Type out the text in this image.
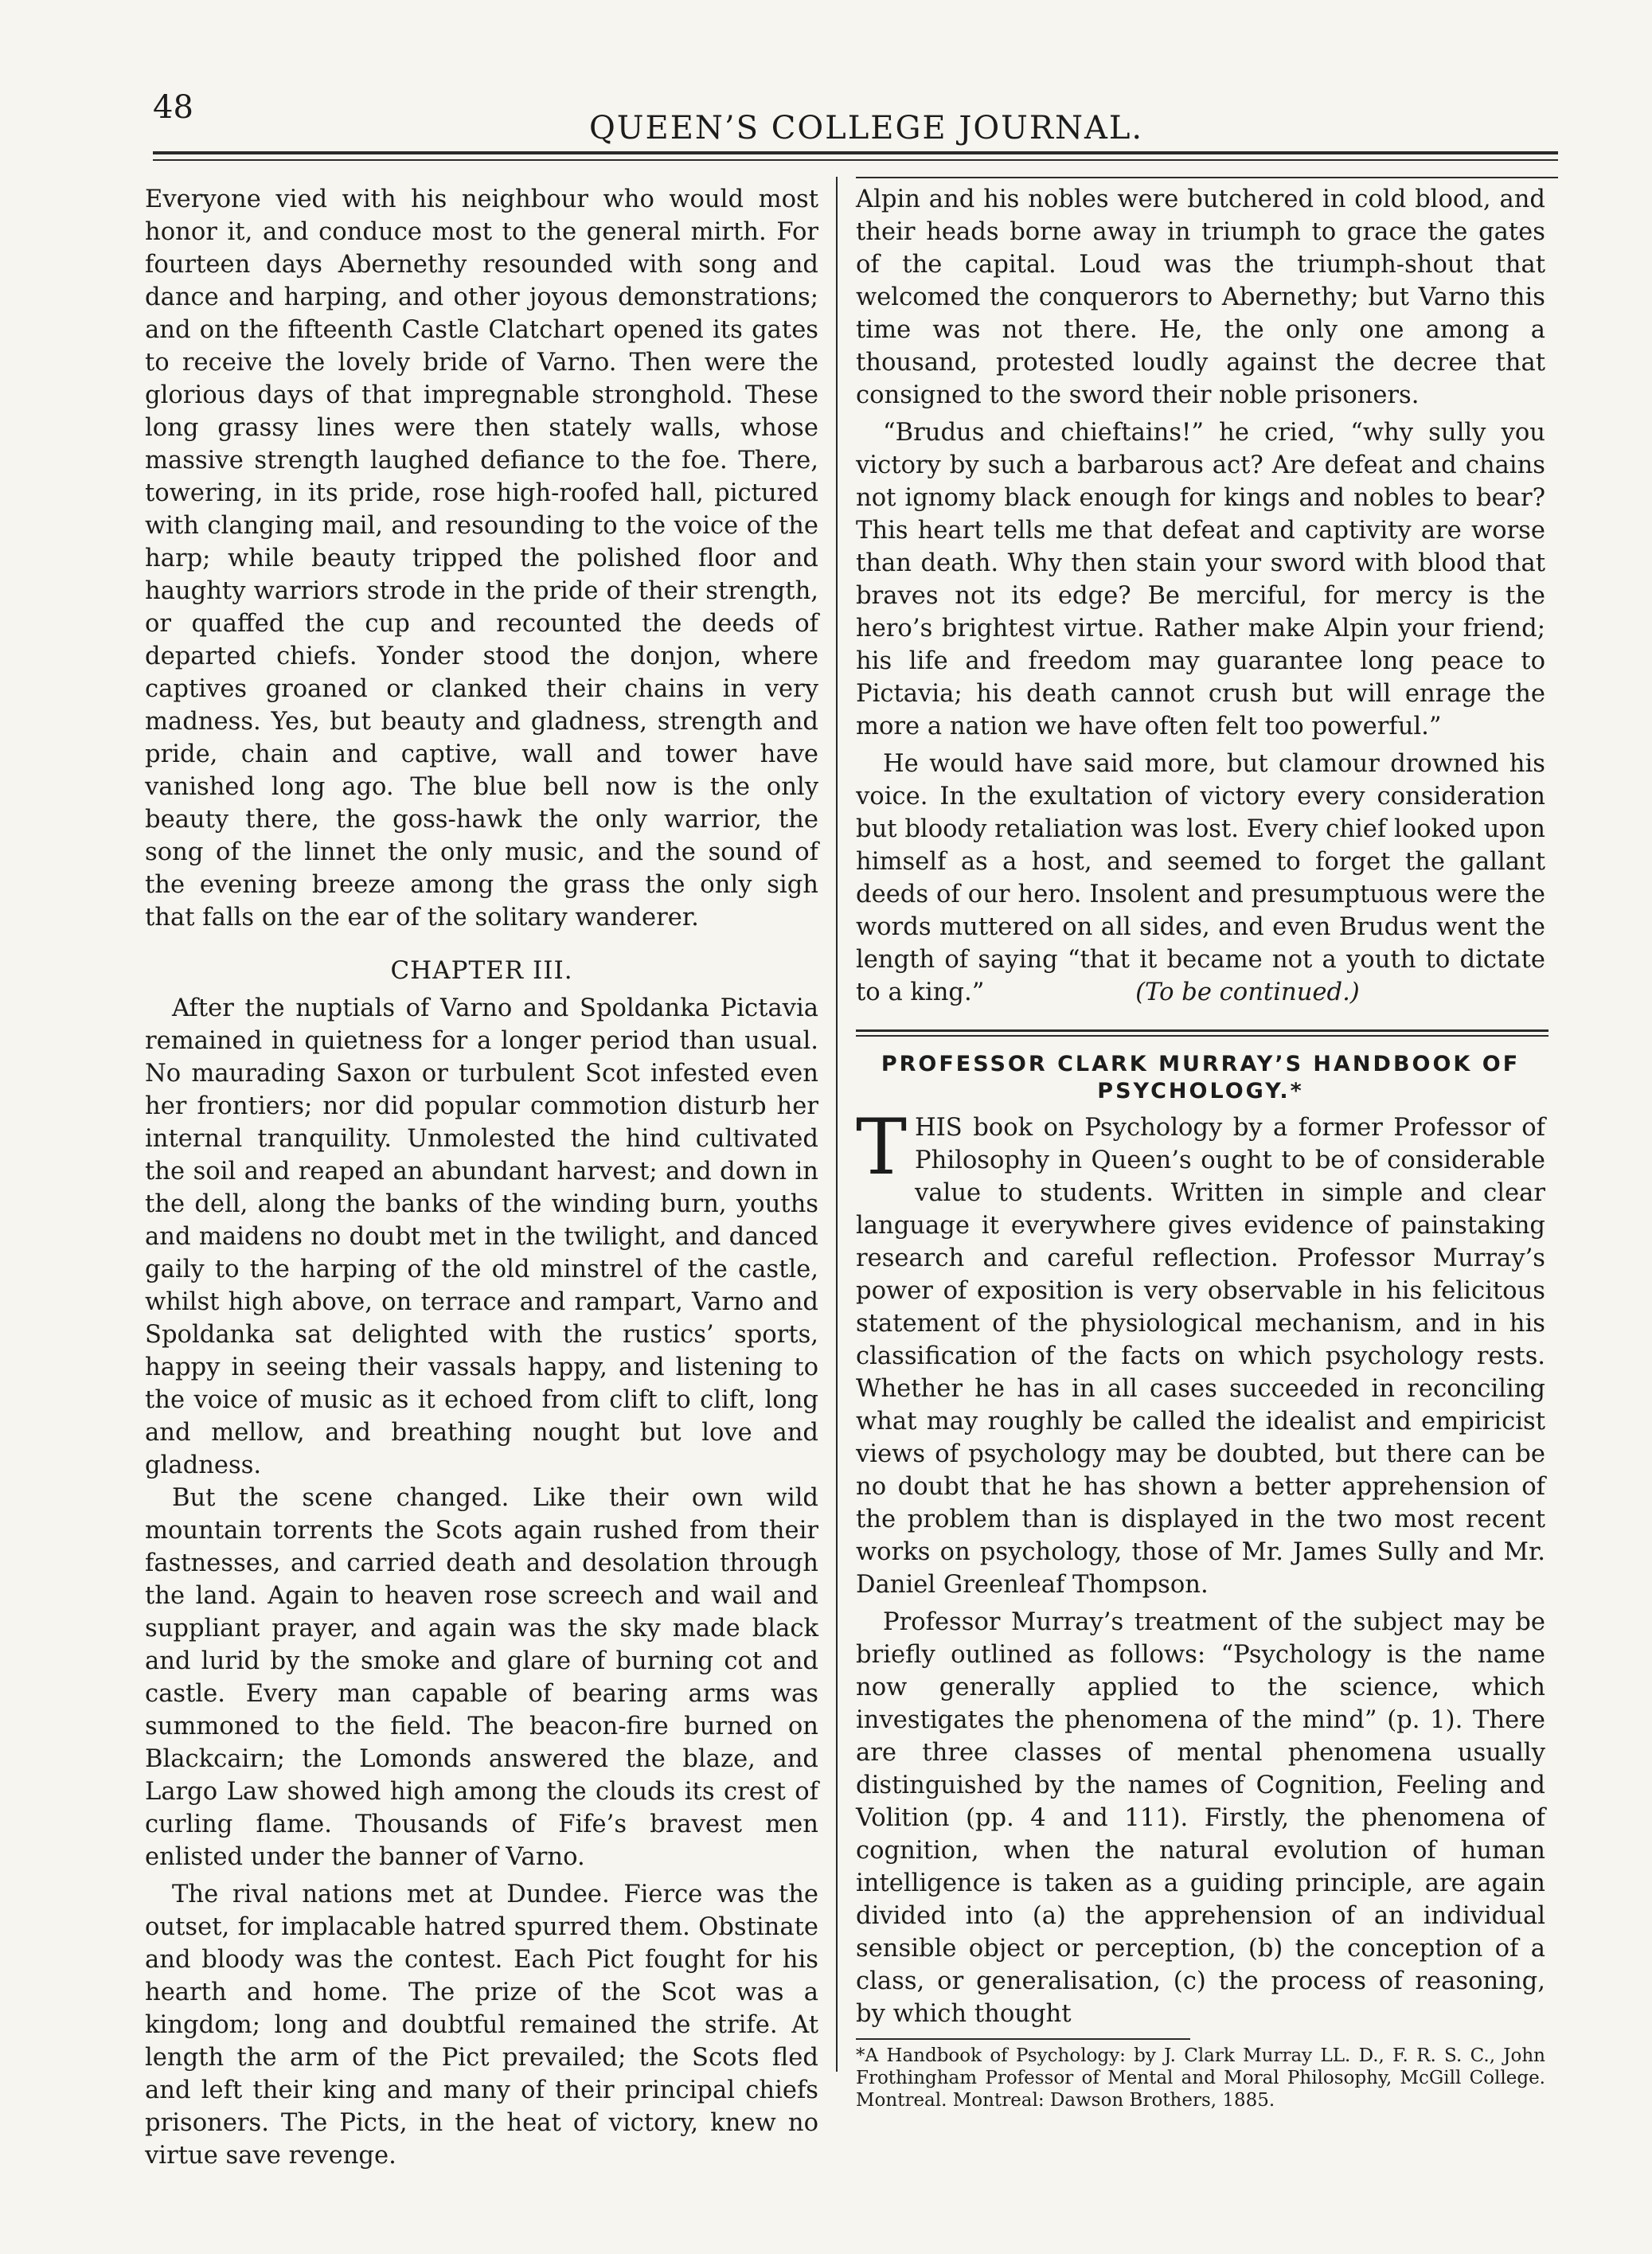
48
QUEEN’S COLLEGE JOURNAL.

Everyone vied with his neighbour who would most honor it, and conduce most to the general mirth. For fourteen days Abernethy resounded with song and dance and harping, and other joyous demonstrations; and on the fifteenth Castle Clatchart opened its gates to receive the lovely bride of Varno. Then were the glorious days of that impregnable stronghold. These long grassy lines were then stately walls, whose massive strength laughed defiance to the foe. There, towering, in its pride, rose high-roofed hall, pictured with clanging mail, and resounding to the voice of the harp; while beauty tripped the polished floor and haughty warriors strode in the pride of their strength, or quaffed the cup and recounted the deeds of departed chiefs. Yonder stood the donjon, where captives groaned or clanked their chains in very madness. Yes, but beauty and gladness, strength and pride, chain and captive, wall and tower have vanished long ago. The blue bell now is the only beauty there, the goss-hawk the only warrior, the song of the linnet the only music, and the sound of the evening breeze among the grass the only sigh that falls on the ear of the solitary wanderer.

CHAPTER III.

After the nuptials of Varno and Spoldanka Pictavia remained in quietness for a longer period than usual. No maurading Saxon or turbulent Scot infested even her frontiers; nor did popular commotion disturb her internal tranquility. Unmolested the hind cultivated the soil and reaped an abundant harvest; and down in the dell, along the banks of the winding burn, youths and maidens no doubt met in the twilight, and danced gaily to the harping of the old minstrel of the castle, whilst high above, on terrace and rampart, Varno and Spoldanka sat delighted with the rustics’ sports, happy in seeing their vassals happy, and listening to the voice of music as it echoed from clift to clift, long and mellow, and breathing nought but love and gladness.

But the scene changed. Like their own wild mountain torrents the Scots again rushed from their fastnesses, and carried death and desolation through the land. Again to heaven rose screech and wail and suppliant prayer, and again was the sky made black and lurid by the smoke and glare of burning cot and castle. Every man capable of bearing arms was summoned to the field. The beacon-fire burned on Blackcairn; the Lomonds answered the blaze, and Largo Law showed high among the clouds its crest of curling flame. Thousands of Fife’s bravest men enlisted under the banner of Varno.

The rival nations met at Dundee. Fierce was the outset, for implacable hatred spurred them. Obstinate and bloody was the contest. Each Pict fought for his hearth and home. The prize of the Scot was a kingdom; long and doubtful remained the strife. At length the arm of the Pict prevailed; the Scots fled and left their king and many of their principal chiefs prisoners. The Picts, in the heat of victory, knew no virtue save revenge.

Alpin and his nobles were butchered in cold blood, and their heads borne away in triumph to grace the gates of the capital. Loud was the triumph-shout that welcomed the conquerors to Abernethy; but Varno this time was not there. He, the only one among a thousand, protested loudly against the decree that consigned to the sword their noble prisoners.

“Brudus and chieftains!” he cried, “why sully you victory by such a barbarous act? Are defeat and chains not ignomy black enough for kings and nobles to bear? This heart tells me that defeat and captivity are worse than death. Why then stain your sword with blood that braves not its edge? Be merciful, for mercy is the hero’s brightest virtue. Rather make Alpin your friend; his life and freedom may guarantee long peace to Pictavia; his death cannot crush but will enrage the more a nation we have often felt too powerful.”

He would have said more, but clamour drowned his voice. In the exultation of victory every consideration but bloody retaliation was lost. Every chief looked upon himself as a host, and seemed to forget the gallant deeds of our hero. Insolent and presumptuous were the words muttered on all sides, and even Brudus went the length of saying “that it became not a youth to dictate to a king.”	(To be continued.)

PROFESSOR CLARK MURRAY’S HANDBOOK OF PSYCHOLOGY.*

T HIS book on Psychology by a former Professor of Philosophy in Queen’s ought to be of considerable value to students. Written in simple and clear language it everywhere gives evidence of painstaking research and careful reflection. Professor Murray’s power of exposition is very observable in his felicitous statement of the physiological mechanism, and in his classification of the facts on which psychology rests. Whether he has in all cases succeeded in reconciling what may roughly be called the idealist and empiricist views of psychology may be doubted, but there can be no doubt that he has shown a better apprehension of the problem than is displayed in the two most recent works on psychology, those of Mr. James Sully and Mr. Daniel Greenleaf Thompson.

Professor Murray’s treatment of the subject may be briefly outlined as follows: “Psychology is the name now generally applied to the science, which investigates the phenomena of the mind” (p. 1). There are three classes of mental phenomena usually distinguished by the names of Cognition, Feeling and Volition (pp. 4 and 111). Firstly, the phenomena of cognition, when the natural evolution of human intelligence is taken as a guiding principle, are again divided into (a) the apprehension of an individual sensible object or perception, (b) the conception of a class, or generalisation, (c) the process of reasoning, by which thought

*A Handbook of Psychology: by J. Clark Murray LL. D., F. R. S. C., John Frothingham Professor of Mental and Moral Philosophy, McGill College. Montreal. Montreal: Dawson Brothers, 1885.
